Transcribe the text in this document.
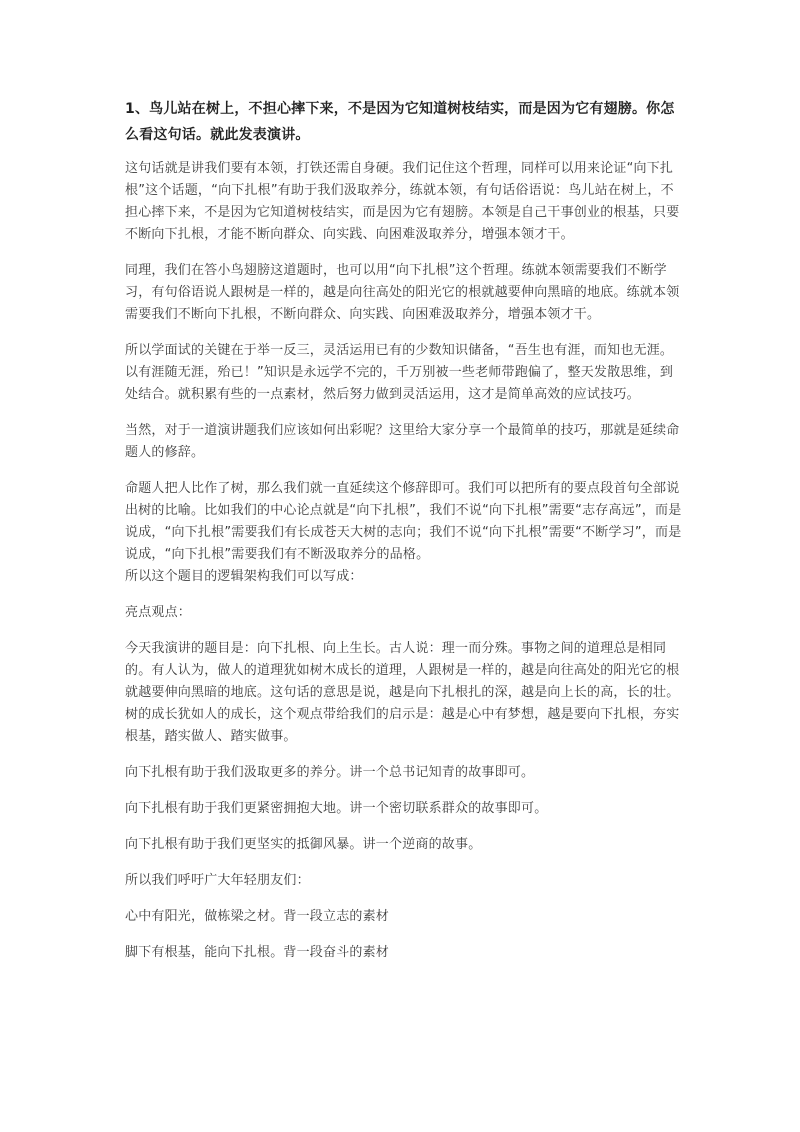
1、鸟儿站在树上，不担心摔下来，不是因为它知道树枝结实，而是因为它有翅膀。你怎么看这句话。就此发表演讲。

这句话就是讲我们要有本领，打铁还需自身硬。我们记住这个哲理，同样可以用来论证“向下扎根”这个话题，“向下扎根”有助于我们汲取养分，练就本领，有句话俗语说：鸟儿站在树上，不担心摔下来，不是因为它知道树枝结实，而是因为它有翅膀。本领是自己干事创业的根基，只要不断向下扎根，才能不断向群众、向实践、向困难汲取养分，增强本领才干。

同理，我们在答小鸟翅膀这道题时，也可以用“向下扎根”这个哲理。练就本领需要我们不断学习，有句俗语说人跟树是一样的，越是向往高处的阳光它的根就越要伸向黑暗的地底。练就本领需要我们不断向下扎根，不断向群众、向实践、向困难汲取养分，增强本领才干。

所以学面试的关键在于举一反三，灵活运用已有的少数知识储备，“吾生也有涯，而知也无涯。以有涯随无涯，殆已！”知识是永远学不完的，千万别被一些老师带跑偏了，整天发散思维，到处结合。就积累有些的一点素材，然后努力做到灵活运用，这才是简单高效的应试技巧。

当然，对于一道演讲题我们应该如何出彩呢？这里给大家分享一个最简单的技巧，那就是延续命题人的修辞。

命题人把人比作了树，那么我们就一直延续这个修辞即可。我们可以把所有的要点段首句全部说出树的比喻。比如我们的中心论点就是“向下扎根”，我们不说“向下扎根”需要“志存高远”，而是说成，“向下扎根”需要我们有长成苍天大树的志向；我们不说“向下扎根”需要“不断学习”，而是说成，“向下扎根”需要我们有不断汲取养分的品格。

所以这个题目的逻辑架构我们可以写成：

亮点观点：

今天我演讲的题目是：向下扎根、向上生长。古人说：理一而分殊。事物之间的道理总是相同的。有人认为，做人的道理犹如树木成长的道理，人跟树是一样的，越是向往高处的阳光它的根就越要伸向黑暗的地底。这句话的意思是说，越是向下扎根扎的深，越是向上长的高，长的壮。树的成长犹如人的成长，这个观点带给我们的启示是：越是心中有梦想，越是要向下扎根，夯实根基，踏实做人、踏实做事。

向下扎根有助于我们汲取更多的养分。讲一个总书记知青的故事即可。

向下扎根有助于我们更紧密拥抱大地。讲一个密切联系群众的故事即可。

向下扎根有助于我们更坚实的抵御风暴。讲一个逆商的故事。

所以我们呼吁广大年轻朋友们：

心中有阳光，做栋梁之材。背一段立志的素材

脚下有根基，能向下扎根。背一段奋斗的素材
